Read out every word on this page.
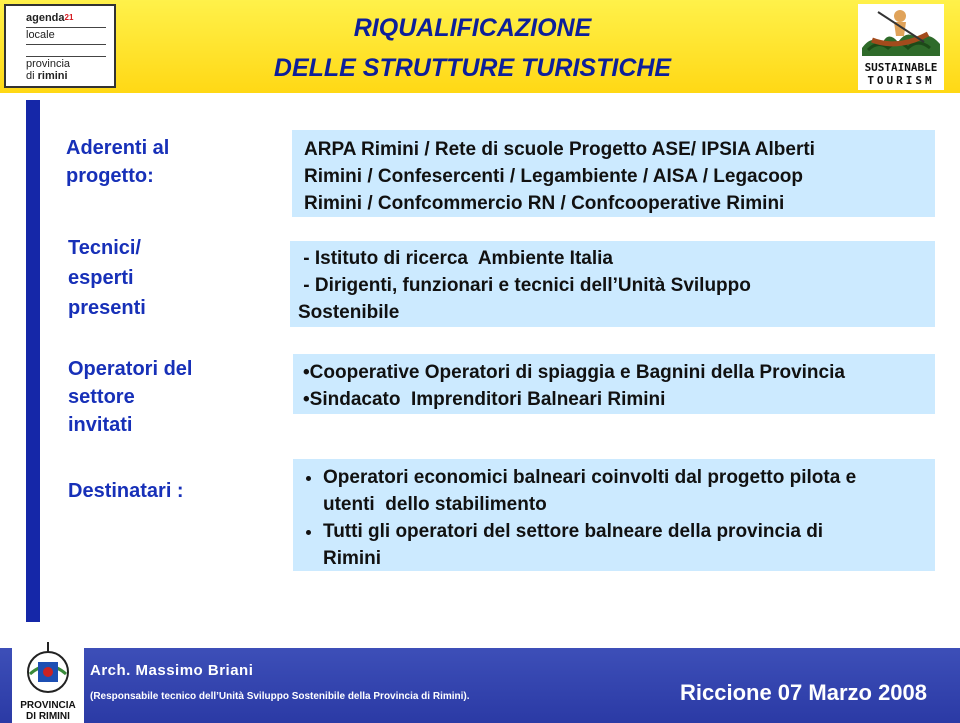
agenda$^{21}$
locale
provincia
di rimini
RIQUALIFICAZIONE
DELLE STRUTTURE TURISTICHE	SUSTAINABLE
TOURISM
Aderenti al
progetto:
ARPA Rimini / Rete di scuole Progetto ASE/ IPSIA Alberti
Rimini / Confesercenti / Legambiente / AISA / Legacoop
Rimini / Confcommercio RN / Confcooperative Rimini
Tecnici/
esperti
presenti
- Istituto di ricerca  Ambiente Italia
- Dirigenti, funzionari e tecnici dell’Unità Sviluppo
Sostenibile
Operatori del
settore
invitati
•Cooperative Operatori di spiaggia e Bagnini della Provincia
•Sindacato  Imprenditori Balneari Rimini
Destinatari :
• Operatori economici balneari coinvolti dal progetto pilota e
utenti  dello stabilimento
• Tutti gli operatori del settore balneare della provincia di
Rimini
Arch. Massimo Briani
(Responsabile tecnico dell’Unità Sviluppo Sostenibile della Provincia di Rimini).	Riccione 07 Marzo 2008
PROVINCIA
DI RIMINI
